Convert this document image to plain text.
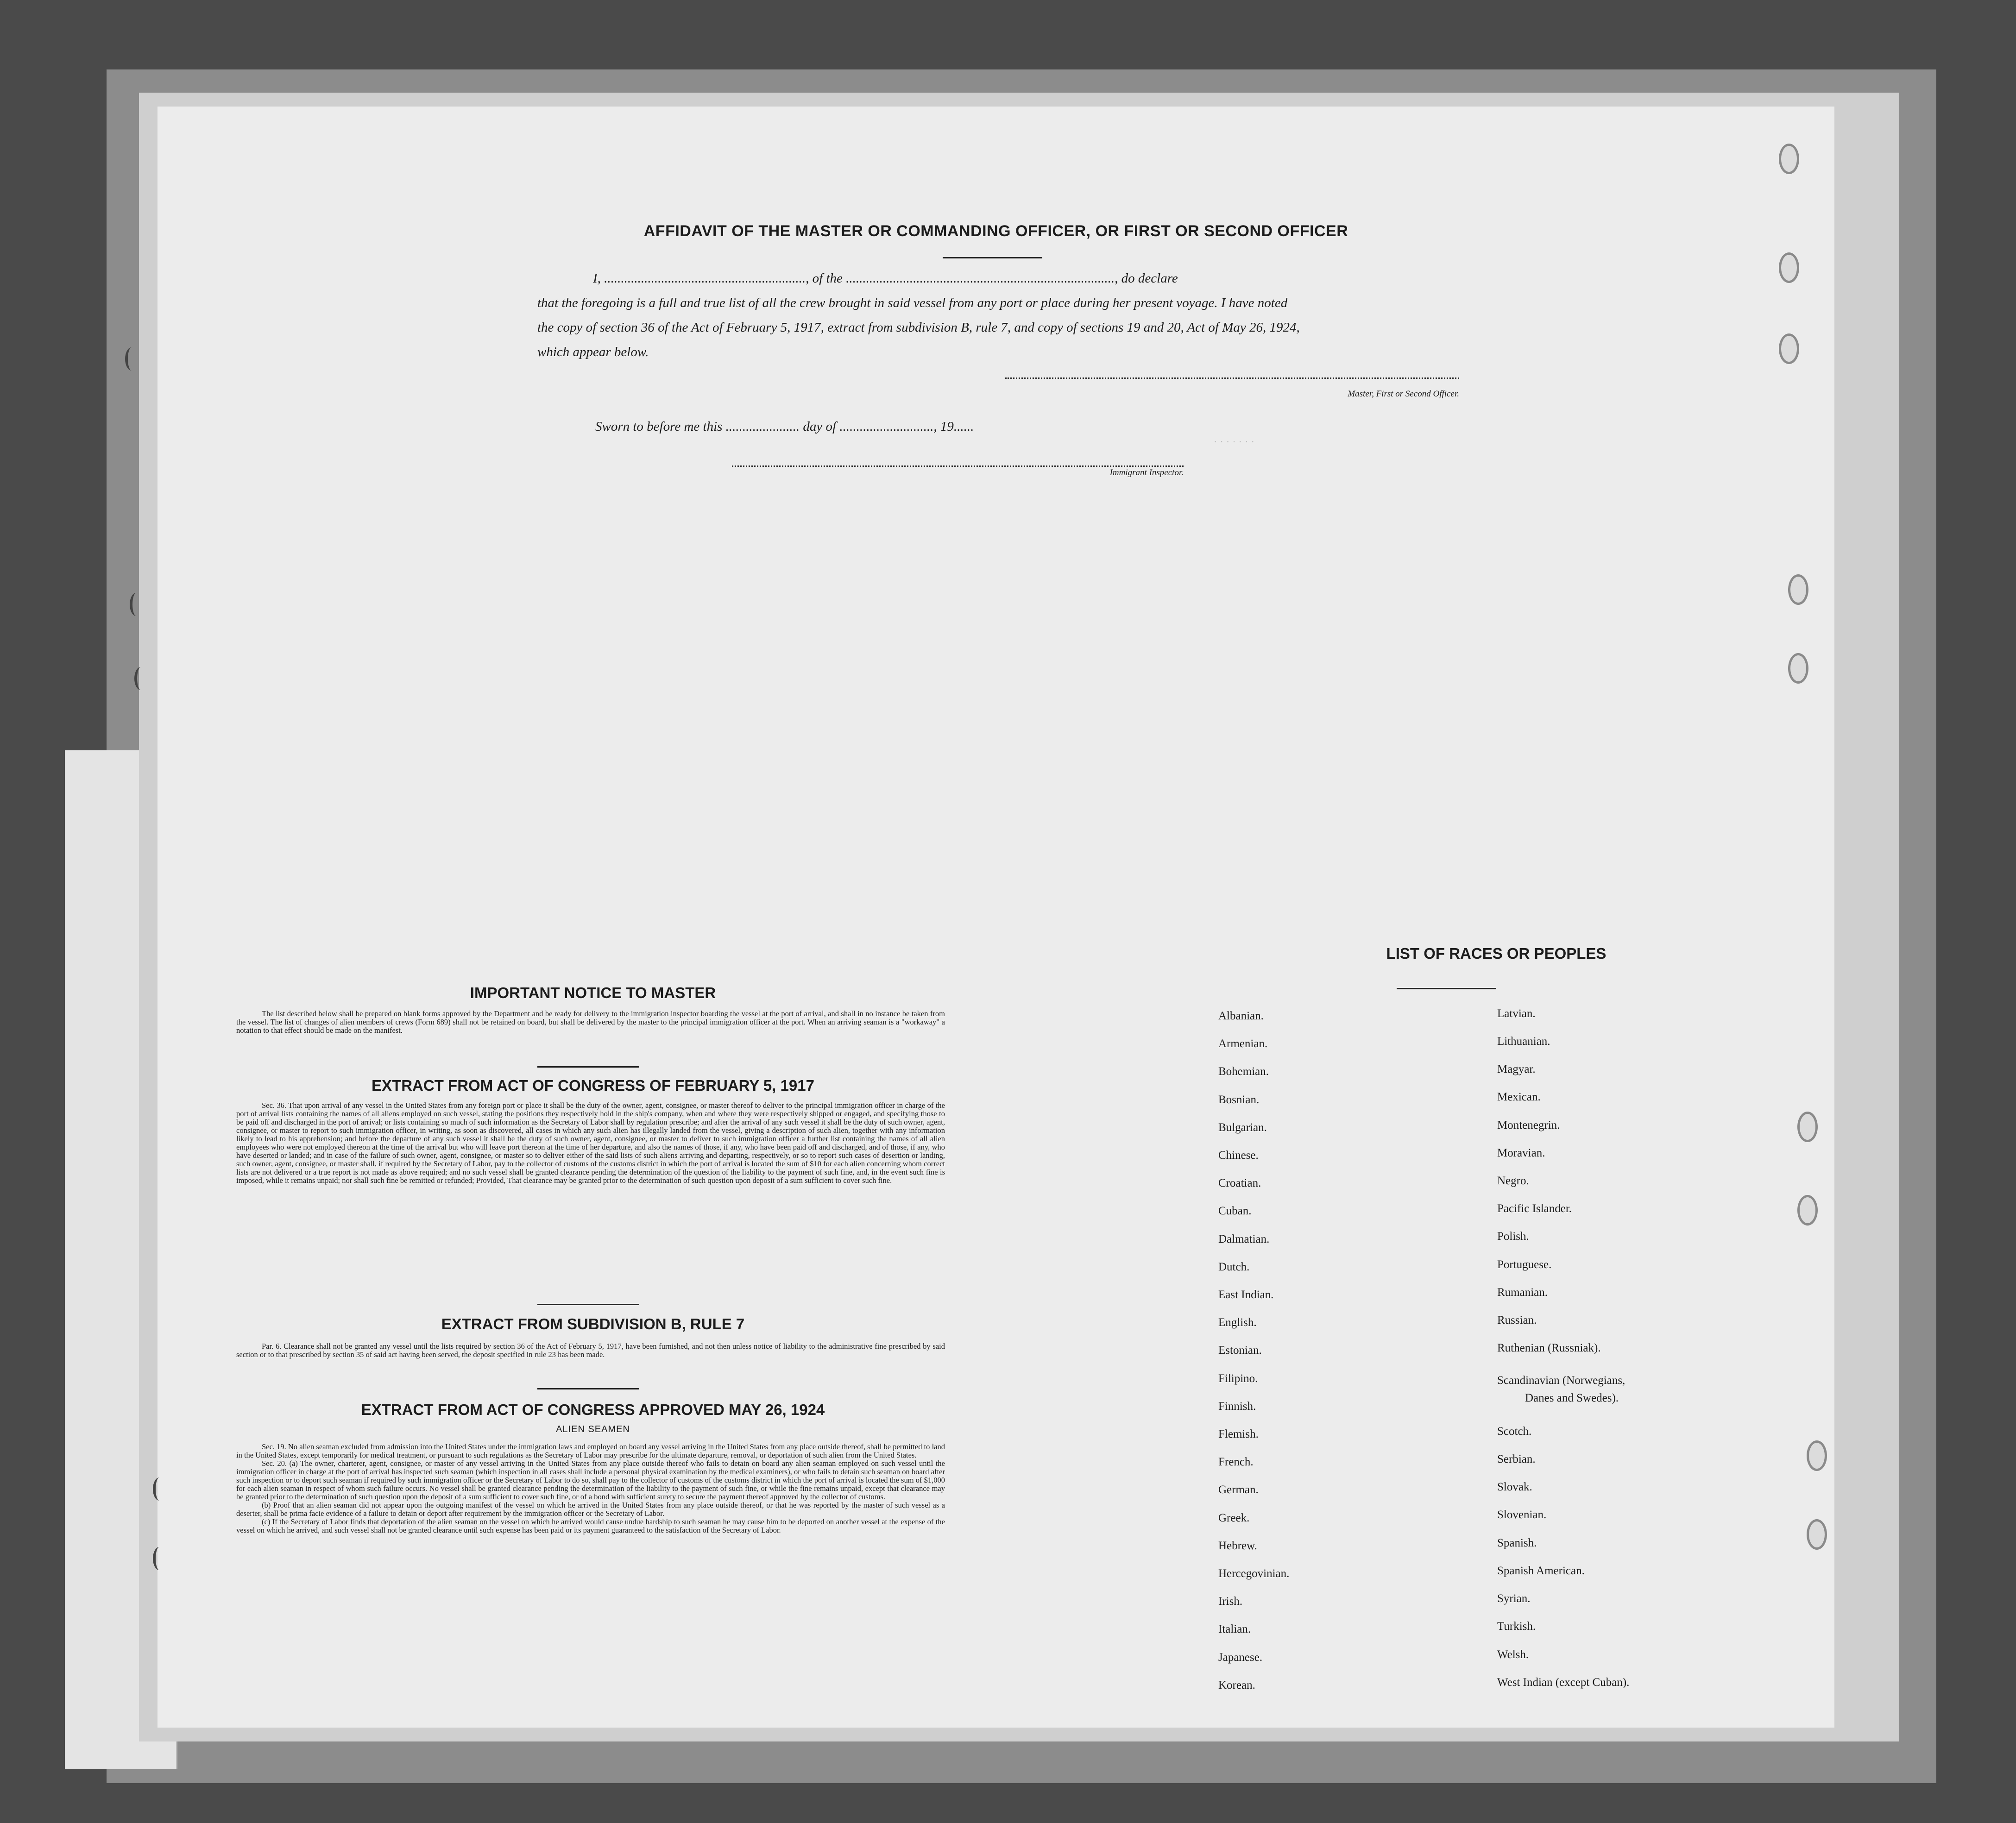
AFFIDAVIT OF THE MASTER OR COMMANDING OFFICER, OR FIRST OR SECOND OFFICER
I, ............................................................, of the ................................................................................, do declare
that the foregoing is a full and true list of all the crew brought in said vessel from any port or place during her present voyage. I have noted
the copy of section 36 of the Act of February 5, 1917, extract from subdivision B, rule 7, and copy of sections 19 and 20, Act of May 26, 1924,
which appear below.
Master, First or Second Officer.
Sworn to before me this ...................... day of ............................, 19......
Immigrant Inspector.
· · · · · · ·
IMPORTANT NOTICE TO MASTER

The list described below shall be prepared on blank forms approved by the Department and be ready for delivery to the immigration inspector boarding the vessel at the port of arrival, and shall in no instance be taken from the vessel. The list of changes of alien members of crews (Form 689) shall not be retained on board, but shall be delivered by the master to the principal immigration officer at the port. When an arriving seaman is a "workaway" a notation to that effect should be made on the manifest.

EXTRACT FROM ACT OF CONGRESS OF FEBRUARY 5, 1917

Sec. 36. That upon arrival of any vessel in the United States from any foreign port or place it shall be the duty of the owner, agent, consignee, or master thereof to deliver to the principal immigration officer in charge of the port of arrival lists containing the names of all aliens employed on such vessel, stating the positions they respectively hold in the ship's company, when and where they were respectively shipped or engaged, and specifying those to be paid off and discharged in the port of arrival; or lists containing so much of such information as the Secretary of Labor shall by regulation prescribe; and after the arrival of any such vessel it shall be the duty of such owner, agent, consignee, or master to report to such immigration officer, in writing, as soon as discovered, all cases in which any such alien has illegally landed from the vessel, giving a description of such alien, together with any information likely to lead to his apprehension; and before the departure of any such vessel it shall be the duty of such owner, agent, consignee, or master to deliver to such immigration officer a further list containing the names of all alien employees who were not employed thereon at the time of the arrival but who will leave port thereon at the time of her departure, and also the names of those, if any, who have been paid off and discharged, and of those, if any, who have deserted or landed; and in case of the failure of such owner, agent, consignee, or master so to deliver either of the said lists of such aliens arriving and departing, respectively, or so to report such cases of desertion or landing, such owner, agent, consignee, or master shall, if required by the Secretary of Labor, pay to the collector of customs of the customs district in which the port of arrival is located the sum of $10 for each alien concerning whom correct lists are not delivered or a true report is not made as above required; and no such vessel shall be granted clearance pending the determination of the question of the liability to the payment of such fine, and, in the event such fine is imposed, while it remains unpaid; nor shall such fine be remitted or refunded; Provided, That clearance may be granted prior to the determination of such question upon deposit of a sum sufficient to cover such fine.

EXTRACT FROM SUBDIVISION B, RULE 7

Par. 6. Clearance shall not be granted any vessel until the lists required by section 36 of the Act of February 5, 1917, have been furnished, and not then unless notice of liability to the administrative fine prescribed by said section or to that prescribed by section 35 of said act having been served, the deposit specified in rule 23 has been made.

EXTRACT FROM ACT OF CONGRESS APPROVED MAY 26, 1924
ALIEN SEAMEN

Sec. 19. No alien seaman excluded from admission into the United States under the immigration laws and employed on board any vessel arriving in the United States from any place outside thereof, shall be permitted to land in the United States, except temporarily for medical treatment, or pursuant to such regulations as the Secretary of Labor may prescribe for the ultimate departure, removal, or deportation of such alien from the United States.

Sec. 20. (a) The owner, charterer, agent, consignee, or master of any vessel arriving in the United States from any place outside thereof who fails to detain on board any alien seaman employed on such vessel until the immigration officer in charge at the port of arrival has inspected such seaman (which inspection in all cases shall include a personal physical examination by the medical examiners), or who fails to detain such seaman on board after such inspection or to deport such seaman if required by such immigration officer or the Secretary of Labor to do so, shall pay to the collector of customs of the customs district in which the port of arrival is located the sum of $1,000 for each alien seaman in respect of whom such failure occurs. No vessel shall be granted clearance pending the determination of the liability to the payment of such fine, or while the fine remains unpaid, except that clearance may be granted prior to the determination of such question upon the deposit of a sum sufficient to cover such fine, or of a bond with sufficient surety to secure the payment thereof approved by the collector of customs.

(b) Proof that an alien seaman did not appear upon the outgoing manifest of the vessel on which he arrived in the United States from any place outside thereof, or that he was reported by the master of such vessel as a deserter, shall be prima facie evidence of a failure to detain or deport after requirement by the immigration officer or the Secretary of Labor.

(c) If the Secretary of Labor finds that deportation of the alien seaman on the vessel on which he arrived would cause undue hardship to such seaman he may cause him to be deported on another vessel at the expense of the vessel on which he arrived, and such vessel shall not be granted clearance until such expense has been paid or its payment guaranteed to the satisfaction of the Secretary of Labor.

LIST OF RACES OR PEOPLES
Albanian.
Armenian.
Bohemian.
Bosnian.
Bulgarian.
Chinese.
Croatian.
Cuban.
Dalmatian.
Dutch.
East Indian.
English.
Estonian.
Filipino.
Finnish.
Flemish.
French.
German.
Greek.
Hebrew.
Hercegovinian.
Irish.
Italian.
Japanese.
Korean.
Latvian.
Lithuanian.
Magyar.
Mexican.
Montenegrin.
Moravian.
Negro.
Pacific Islander.
Polish.
Portuguese.
Rumanian.
Russian.
Ruthenian (Russniak).
Scandinavian (Norwegians,
Danes and Swedes).
Scotch.
Serbian.
Slovak.
Slovenian.
Spanish.
Spanish American.
Syrian.
Turkish.
Welsh.
West Indian (except Cuban).
